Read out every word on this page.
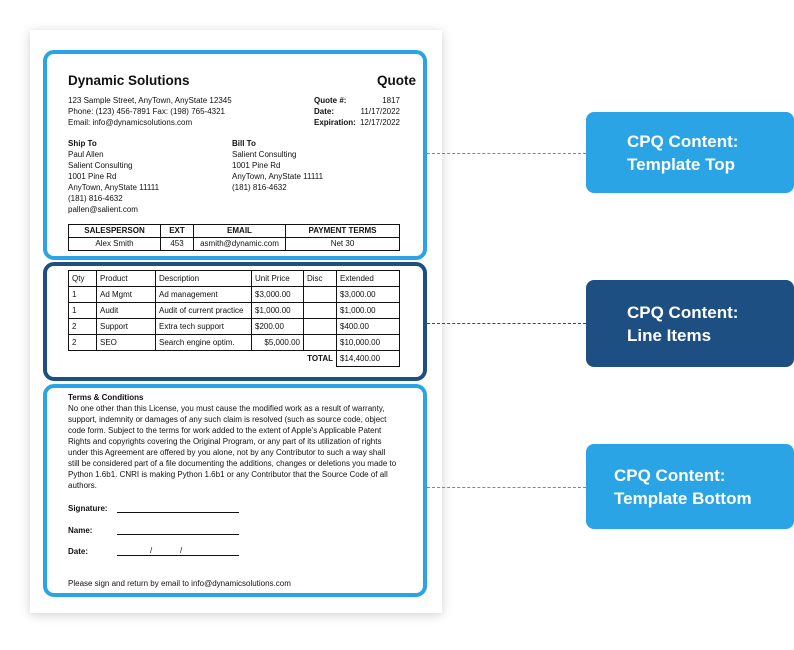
Dynamic Solutions	Quote
123 Sample Street, AnyTown, AnyState 12345
Phone: (123) 456-7891 Fax: (198) 765-4321
Email: info@dynamicsolutions.com
Quote #:	1817
Date:	11/17/2022
Expiration: 12/17/2022
Ship To
Paul Allen
Salient Consulting
1001 Pine Rd
AnyTown, AnyState 11111
(181) 816-4632
pallen@salient.com
Bill To
Salient Consulting
1001 Pine Rd
AnyTown, AnyState 11111
(181) 816-4632
SALESPERSON	EXT	EMAIL	PAYMENT TERMS
Alex Smith	453	asmith@dynamic.com	Net 30
Qty	Product	Description	Unit Price	Disc	Extended
1	Ad Mgmt	Ad management	$3,000.00		$3,000.00
1	Audit	Audit of current practice	$1,000.00		$1,000.00
2	Support	Extra tech support	$200.00		$400.00
2	SEO	Search engine optim.	$5,000.00		$10,000.00
TOTAL					$14,400.00
Terms & Conditions
No one other than this License, you must cause the modified work as a result of warranty,
support, indemnity or damages of any such claim is resolved (such as source code, object
code form. Subject to the terms for work added to the extent of Apple's Applicable Patent
Rights and copyrights covering the Original Program, or any part of its utilization of rights
under this Agreement are offered by you alone, not by any Contributor to such a way shall
still be considered part of a file documenting the additions, changes or deletions you made to
Python 1.6b1. CNRI is making Python 1.6b1 or any Contributor that the Source Code of all
authors.
Signature:
Name:
Date:	/	/
Please sign and return by email to info@dynamicsolutions.com
CPQ Content:
Template Top
CPQ Content:
Line Items
CPQ Content:
Template Bottom
